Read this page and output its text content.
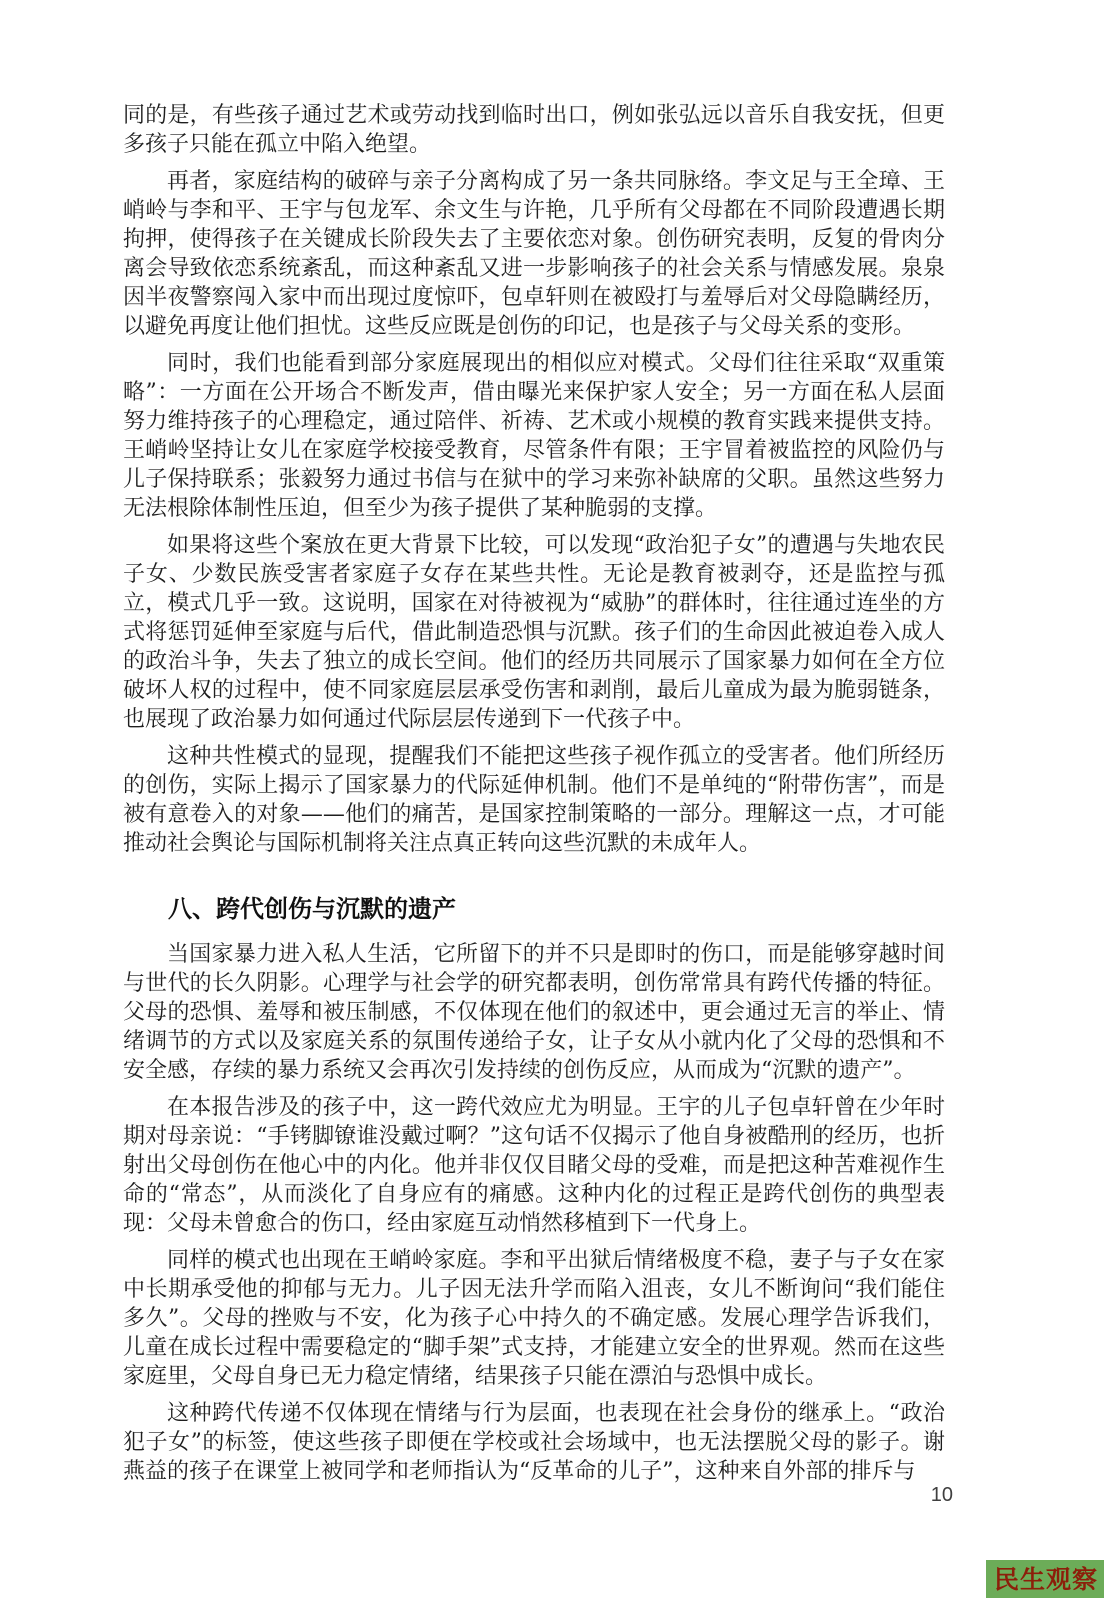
同的是，有些孩子通过艺术或劳动找到临时出口，例如张弘远以音乐自我安抚，但更多孩子只能在孤立中陷入绝望。

再者，家庭结构的破碎与亲子分离构成了另一条共同脉络。李文足与王全璋、王峭岭与李和平、王宇与包龙军、余文生与许艳，几乎所有父母都在不同阶段遭遇长期拘押，使得孩子在关键成长阶段失去了主要依恋对象。创伤研究表明，反复的骨肉分离会导致依恋系统紊乱，而这种紊乱又进一步影响孩子的社会关系与情感发展。泉泉因半夜警察闯入家中而出现过度惊吓，包卓轩则在被殴打与羞辱后对父母隐瞒经历，以避免再度让他们担忧。这些反应既是创伤的印记，也是孩子与父母关系的变形。

同时，我们也能看到部分家庭展现出的相似应对模式。父母们往往采取“双重策略”：一方面在公开场合不断发声，借由曝光来保护家人安全；另一方面在私人层面努力维持孩子的心理稳定，通过陪伴、祈祷、艺术或小规模的教育实践来提供支持。王峭岭坚持让女儿在家庭学校接受教育，尽管条件有限；王宇冒着被监控的风险仍与儿子保持联系；张毅努力通过书信与在狱中的学习来弥补缺席的父职。虽然这些努力无法根除体制性压迫，但至少为孩子提供了某种脆弱的支撑。

如果将这些个案放在更大背景下比较，可以发现“政治犯子女”的遭遇与失地农民子女、少数民族受害者家庭子女存在某些共性。无论是教育被剥夺，还是监控与孤立，模式几乎一致。这说明，国家在对待被视为“威胁”的群体时，往往通过连坐的方式将惩罚延伸至家庭与后代，借此制造恐惧与沉默。孩子们的生命因此被迫卷入成人的政治斗争，失去了独立的成长空间。他们的经历共同展示了国家暴力如何在全方位破坏人权的过程中，使不同家庭层层承受伤害和剥削，最后儿童成为最为脆弱链条，也展现了政治暴力如何通过代际层层传递到下一代孩子中。

这种共性模式的显现，提醒我们不能把这些孩子视作孤立的受害者。他们所经历的创伤，实际上揭示了国家暴力的代际延伸机制。他们不是单纯的“附带伤害”，而是被有意卷入的对象——他们的痛苦，是国家控制策略的一部分。理解这一点，才可能推动社会舆论与国际机制将关注点真正转向这些沉默的未成年人。

八、跨代创伤与沉默的遗产

当国家暴力进入私人生活，它所留下的并不只是即时的伤口，而是能够穿越时间与世代的长久阴影。心理学与社会学的研究都表明，创伤常常具有跨代传播的特征。父母的恐惧、羞辱和被压制感，不仅体现在他们的叙述中，更会通过无言的举止、情绪调节的方式以及家庭关系的氛围传递给子女，让子女从小就内化了父母的恐惧和不安全感，存续的暴力系统又会再次引发持续的创伤反应，从而成为“沉默的遗产”。

在本报告涉及的孩子中，这一跨代效应尤为明显。王宇的儿子包卓轩曾在少年时期对母亲说：“手铐脚镣谁没戴过啊？”这句话不仅揭示了他自身被酷刑的经历，也折射出父母创伤在他心中的内化。他并非仅仅目睹父母的受难，而是把这种苦难视作生命的“常态”，从而淡化了自身应有的痛感。这种内化的过程正是跨代创伤的典型表现：父母未曾愈合的伤口，经由家庭互动悄然移植到下一代身上。

同样的模式也出现在王峭岭家庭。李和平出狱后情绪极度不稳，妻子与子女在家中长期承受他的抑郁与无力。儿子因无法升学而陷入沮丧，女儿不断询问“我们能住多久”。父母的挫败与不安，化为孩子心中持久的不确定感。发展心理学告诉我们，儿童在成长过程中需要稳定的“脚手架”式支持，才能建立安全的世界观。然而在这些家庭里，父母自身已无力稳定情绪，结果孩子只能在漂泊与恐惧中成长。

这种跨代传递不仅体现在情绪与行为层面，也表现在社会身份的继承上。“政治犯子女”的标签，使这些孩子即便在学校或社会场域中，也无法摆脱父母的影子。谢燕益的孩子在课堂上被同学和老师指认为“反革命的儿子”，这种来自外部的排斥与

10
民生观察
